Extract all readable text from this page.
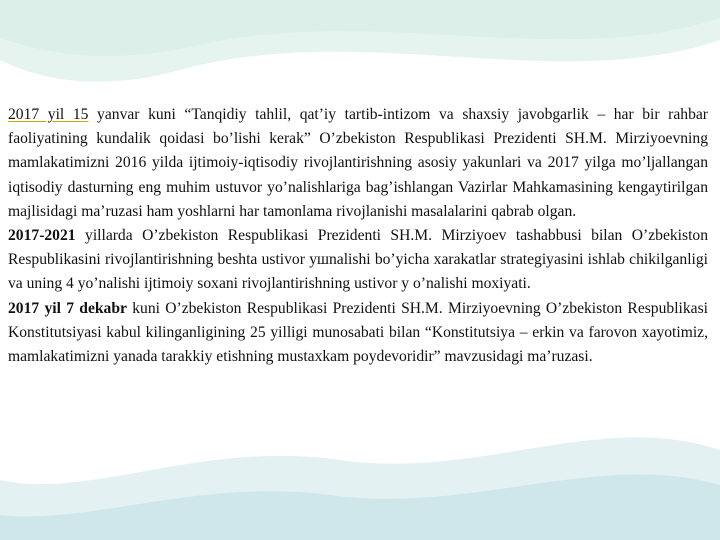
2017 yil 15 yanvar kuni “Tanqidiy tahlil, qat’iy tartib-intizom va shaxsiy javobgarlik – har bir rahbar faoliyatining kundalik qoidasi bo’lishi kerak” O’zbekiston Respublikasi Prezidenti SH.M. Mirziyoevning mamlakatimizni 2016 yilda ijtimoiy-iqtisodiy rivojlantirishning asosiy yakunlari va 2017 yilga mo’ljallangan iqtisodiy dasturning eng muhim ustuvor yo’nalishlariga bag’ishlangan Vazirlar Mahkamasining kengaytirilgan majlisidagi ma’ruzasi ham yoshlarni har tamonlama rivojlanishi masalalarini qabrab olgan.

2017-2021 yillarda O’zbekiston Respublikasi Prezidenti SH.M. Mirziyoev tashabbusi bilan O’zbekiston Respublikasini rivojlantirishning beshta ustivor yшnalishi bo’yicha xarakatlar strategiyasini ishlab chikilganligi va uning 4 yo’nalishi ijtimoiy soxani rivojlantirishning ustivor y o’nalishi moxiyati.

2017 yil 7 dekabr kuni O’zbekiston Respublikasi Prezidenti SH.M. Mirziyoevning O’zbekiston Respublikasi Konstitutsiyasi kabul kilinganligining 25 yilligi munosabati bilan “Konstitutsiya – erkin va farovon xayotimiz, mamlakatimizni yanada tarakkiy etishning mustaxkam poydevoridir” mavzusidagi ma’ruzasi.
